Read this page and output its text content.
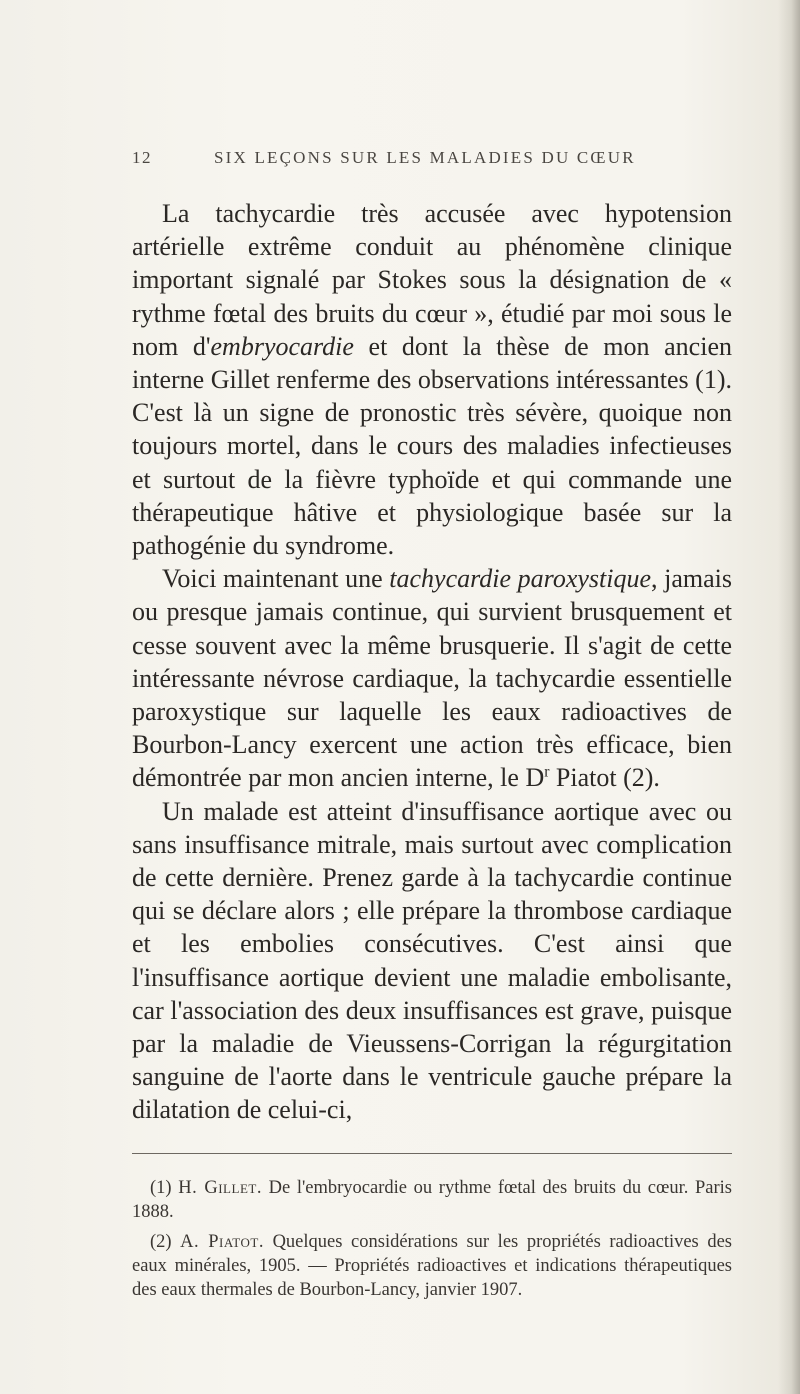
12	SIX LEÇONS SUR LES MALADIES DU CŒUR

La tachycardie très accusée avec hypotension artérielle extrême conduit au phénomène clinique important signalé par Stokes sous la désignation de « rythme fœtal des bruits du cœur », étudié par moi sous le nom d'embryocardie et dont la thèse de mon ancien interne Gillet renferme des observations intéressantes (1). C'est là un signe de pronostic très sévère, quoique non toujours mortel, dans le cours des maladies infectieuses et surtout de la fièvre typhoïde et qui commande une thérapeutique hâtive et physiologique basée sur la pathogénie du syndrome.

Voici maintenant une tachycardie paroxystique, jamais ou presque jamais continue, qui survient brusquement et cesse souvent avec la même brusquerie. Il s'agit de cette intéressante névrose cardiaque, la tachycardie essentielle paroxystique sur laquelle les eaux radioactives de Bourbon-Lancy exercent une action très efficace, bien démontrée par mon ancien interne, le $D^r$ Piatot (2).

Un malade est atteint d'insuffisance aortique avec ou sans insuffisance mitrale, mais surtout avec complication de cette dernière. Prenez garde à la tachycardie continue qui se déclare alors ; elle prépare la thrombose cardiaque et les embolies consécutives. C'est ainsi que l'insuffisance aortique devient une maladie embolisante, car l'association des deux insuffisances est grave, puisque par la maladie de Vieussens-Corrigan la régurgitation sanguine de l'aorte dans le ventricule gauche prépare la dilatation de celui-ci,

(1) H. Gillet. De l'embryocardie ou rythme fœtal des bruits du cœur. Paris 1888.

(2) A. Piatot. Quelques considérations sur les propriétés radioactives des eaux minérales, 1905. — Propriétés radioactives et indications thérapeutiques des eaux thermales de Bourbon-Lancy, janvier 1907.
